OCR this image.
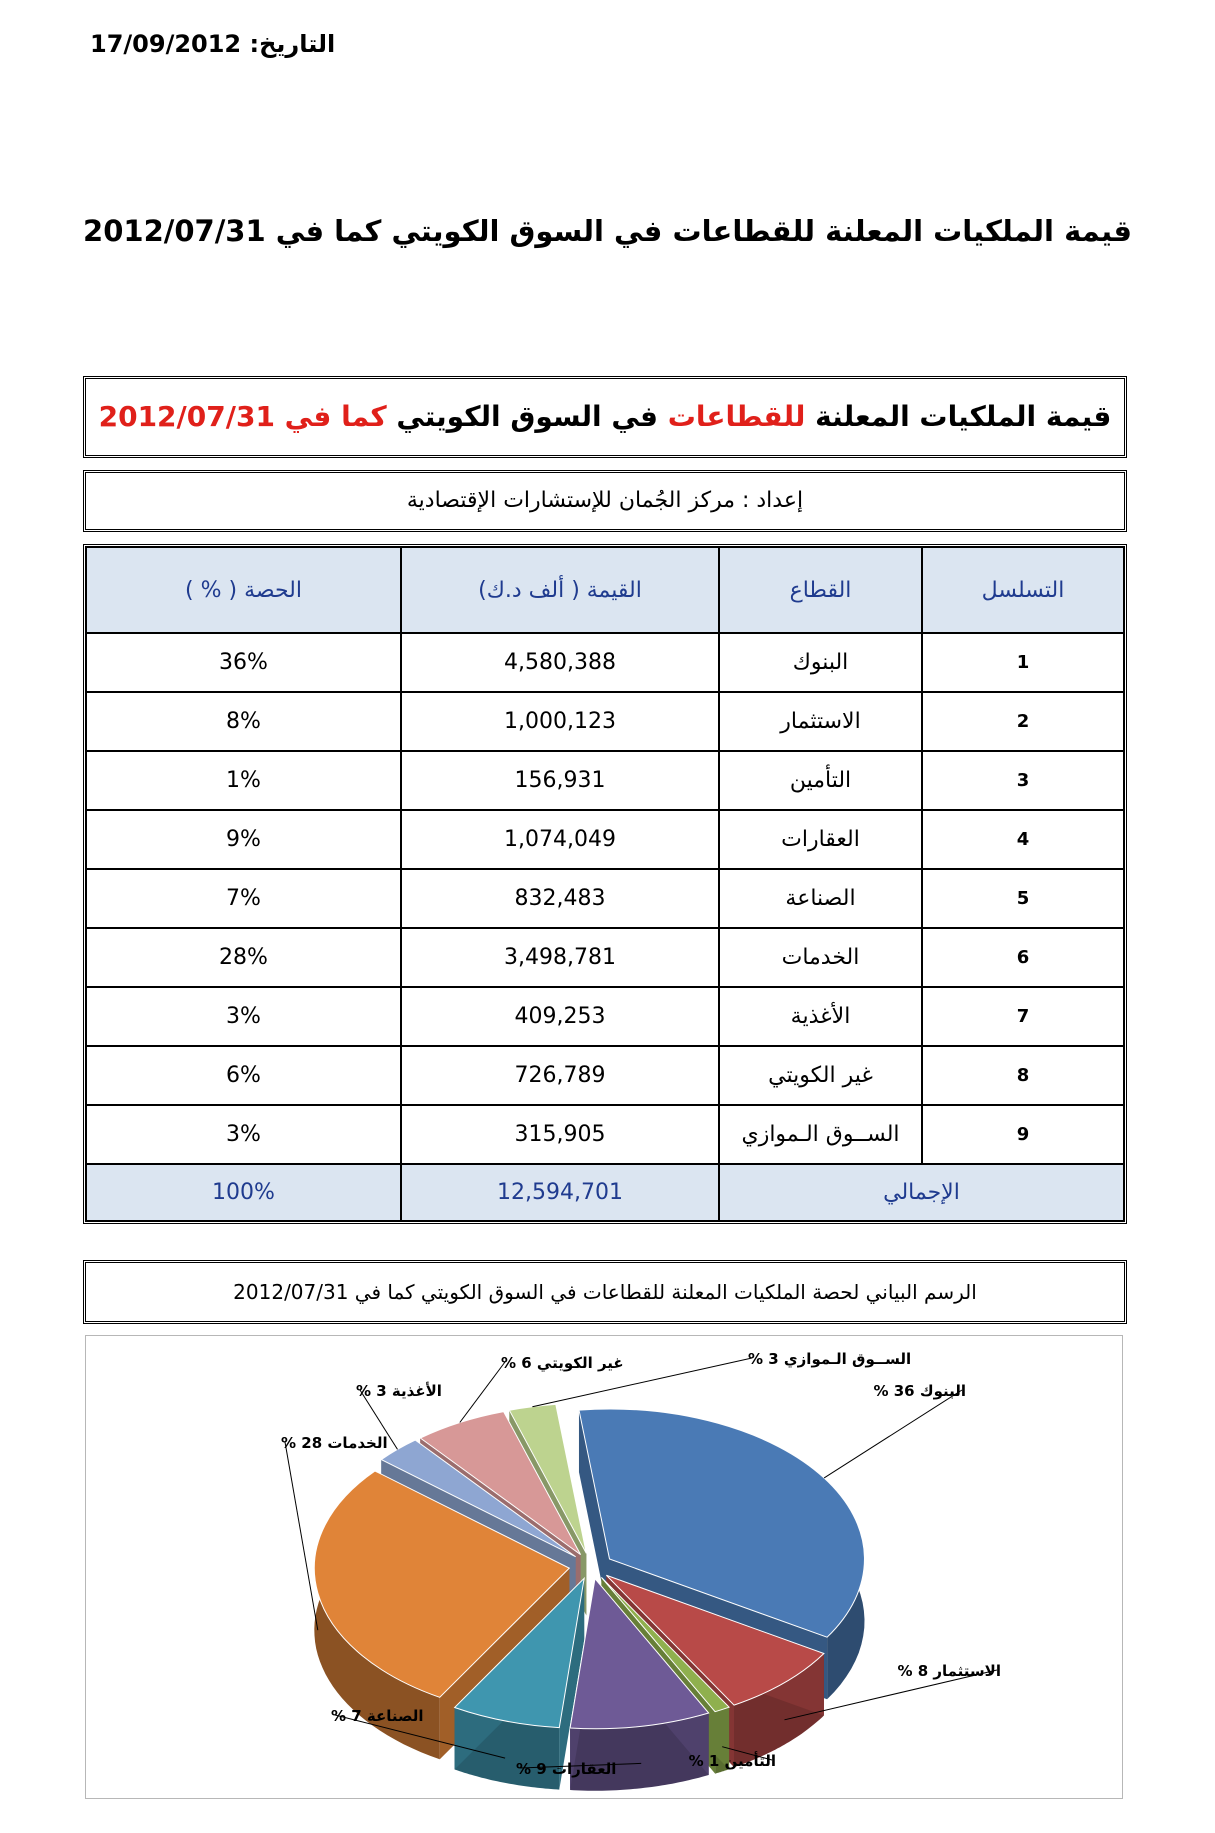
التاريخ: 17/09/2012
قيمة الملكيات المعلنة للقطاعات في السوق الكويتي كما في 2012/07/31
قيمة الملكيات المعلنة للقطاعات في السوق الكويتي كما في 2012/07/31
إعداد : مركز الجُمان للإستشارات الإقتصادية
التسلسل	القطاع	القيمة ( ألف د.ك)	الحصة ( % )
1	البنوك	4,580,388	36%
2	الاستثمار	1,000,123	8%
3	التأمين	156,931	1%
4	العقارات	1,074,049	9%
5	الصناعة	832,483	7%
6	الخدمات	3,498,781	28%
7	الأغذية	409,253	3%
8	غير الكويتي	726,789	6%
9	الســوق الـموازي	315,905	3%
الإجمالي		12,594,701	100%
الرسم البياني لحصة الملكيات المعلنة للقطاعات في السوق الكويتي كما في 2012/07/31
البنوك 36 %
الاستثمار 8 %
التأمين 1 %
العقارات 9 %
الصناعة 7 %
الخدمات 28 %
الأغذية 3 %
غير الكويتي 6 %	الســوق الـموازي 3 %
